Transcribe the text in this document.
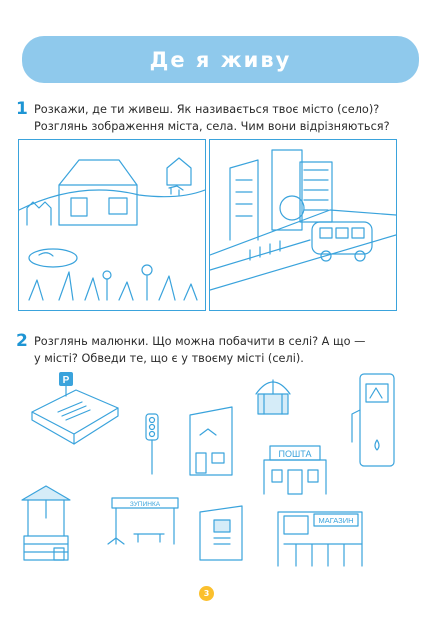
Де я живу
1 Розкажи, де ти живеш. Як називається твоє місто (село)?
Розглянь зображення міста, села. Чим вони відрізняються?
2 Розглянь малюнки. Що можна побачити в селі? А що —
у місті? Обведи те, що є у твоєму місті (селі).
P
ПОШТА
ЗУПИНКА
МАГАЗИН
3
